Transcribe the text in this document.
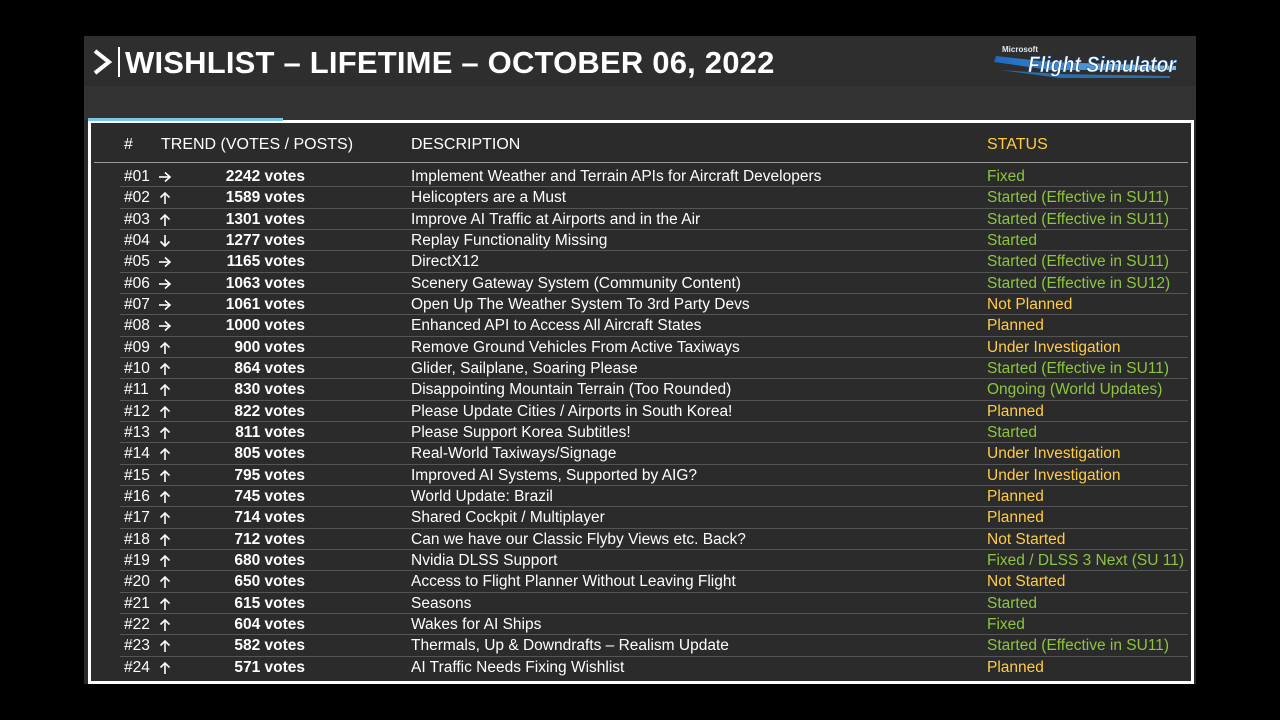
WISHLIST – LIFETIME – OCTOBER 06, 2022	Microsoft
Flight Simulator
# TREND (VOTES / POSTS)	DESCRIPTION	STATUS
#01	2242 votes	Implement Weather and Terrain APIs for Aircraft Developers	Fixed
#02	1589 votes	Helicopters are a Must	Started (Effective in SU11)
#03	1301 votes	Improve AI Traffic at Airports and in the Air	Started (Effective in SU11)
#04	1277 votes	Replay Functionality Missing	Started
#05	1165 votes	DirectX12	Started (Effective in SU11)
#06	1063 votes	Scenery Gateway System (Community Content)	Started (Effective in SU12)
#07	1061 votes	Open Up The Weather System To 3rd Party Devs	Not Planned
#08	1000 votes	Enhanced API to Access All Aircraft States	Planned
#09	900 votes	Remove Ground Vehicles From Active Taxiways	Under Investigation
#10	864 votes	Glider, Sailplane, Soaring Please	Started (Effective in SU11)
#11	830 votes	Disappointing Mountain Terrain (Too Rounded)	Ongoing (World Updates)
#12	822 votes	Please Update Cities / Airports in South Korea!	Planned
#13	811 votes	Please Support Korea Subtitles!	Started
#14	805 votes	Real-World Taxiways/Signage	Under Investigation
#15	795 votes	Improved AI Systems, Supported by AIG?	Under Investigation
#16	745 votes	World Update: Brazil	Planned
#17	714 votes	Shared Cockpit / Multiplayer	Planned
#18	712 votes	Can we have our Classic Flyby Views etc. Back?	Not Started
#19	680 votes	Nvidia DLSS Support	Fixed / DLSS 3 Next (SU 11)
#20	650 votes	Access to Flight Planner Without Leaving Flight	Not Started
#21	615 votes	Seasons	Started
#22	604 votes	Wakes for AI Ships	Fixed
#23	582 votes	Thermals, Up & Downdrafts – Realism Update	Started (Effective in SU11)
#24	571 votes	AI Traffic Needs Fixing Wishlist	Planned
